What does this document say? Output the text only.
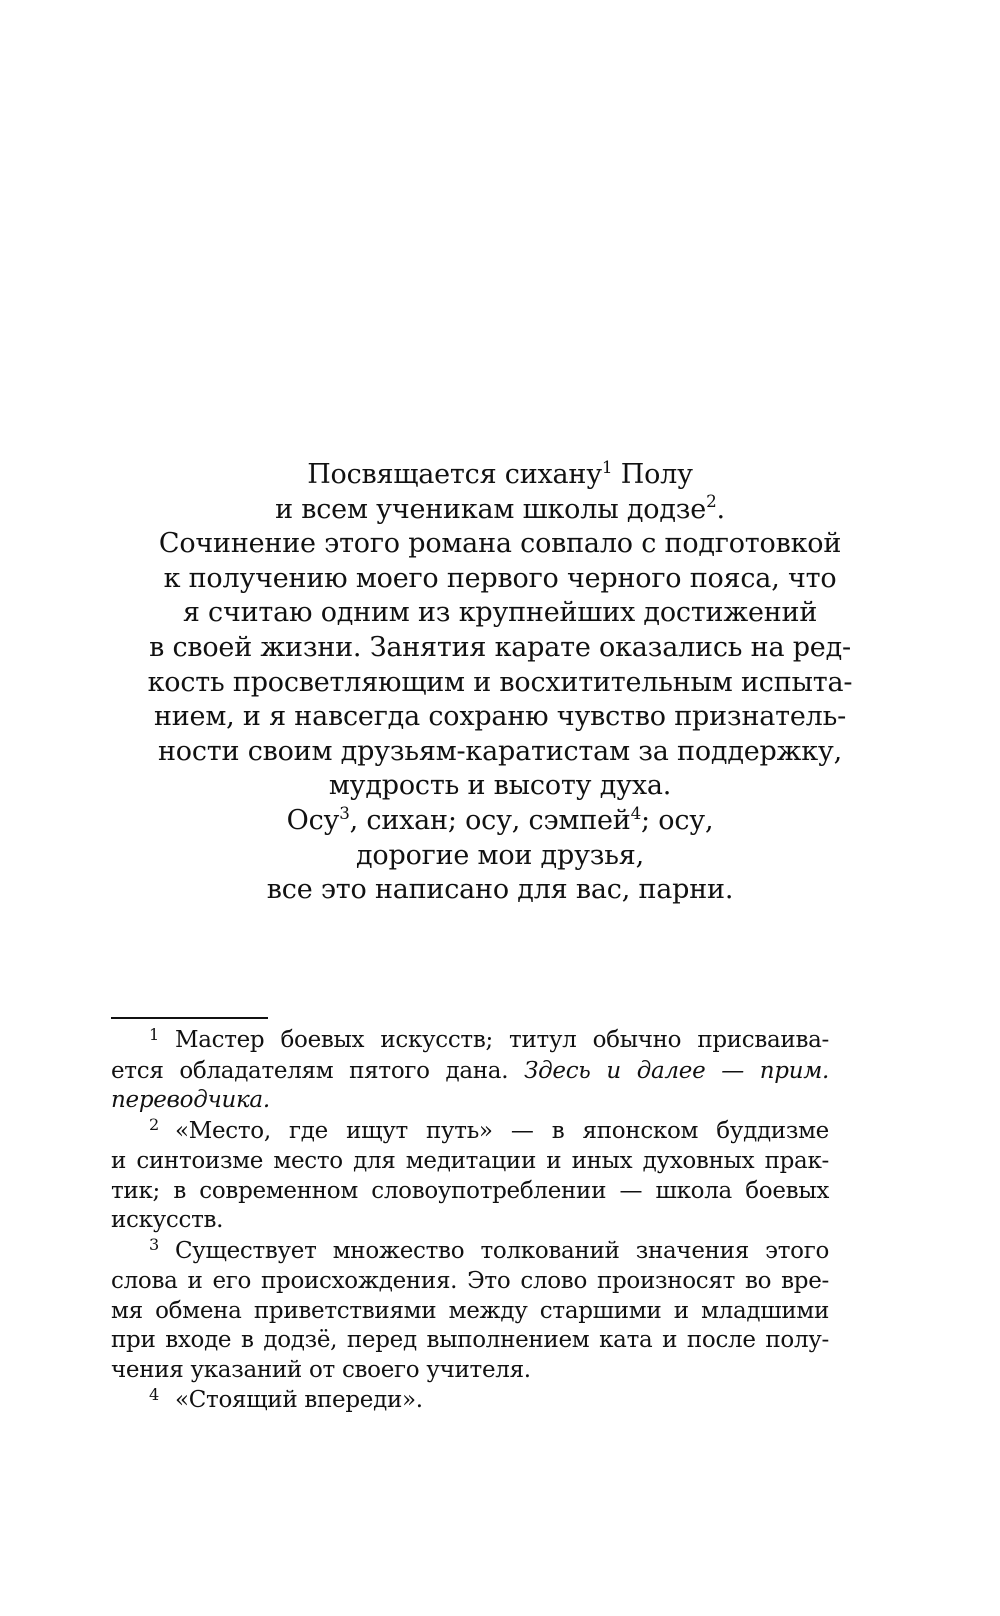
Посвящается сихану$^1$ Полу
и всем ученикам школы додзе$^2$.
Сочинение этого романа совпало с подготовкой
к получению моего первого черного пояса, что
я считаю одним из крупнейших достижений
в своей жизни. Занятия карате оказались на ред-
кость просветляющим и восхитительным испыта-
нием, и я навсегда сохраню чувство признатель-
ности своим друзьям-каратистам за поддержку,
мудрость и высоту духа.
Осу$^3$, сихан; осу, сэмпей$^4$; осу,
дорогие мои друзья,
все это написано для вас, парни.
1 Мастер боевых искусств; титул обычно присваива-
ется обладателям пятого дана. Здесь и далее — прим.
переводчика.
2 «Место, где ищут путь» — в японском буддизме
и синтоизме место для медитации и иных духовных прак-
тик; в современном словоупотреблении — школа боевых
искусств.
3 Существует множество толкований значения этого
слова и его происхождения. Это слово произносят во вре-
мя обмена приветствиями между старшими и младшими
при входе в додзё, перед выполнением ката и после полу-
чения указаний от своего учителя.
4 «Стоящий впереди».
